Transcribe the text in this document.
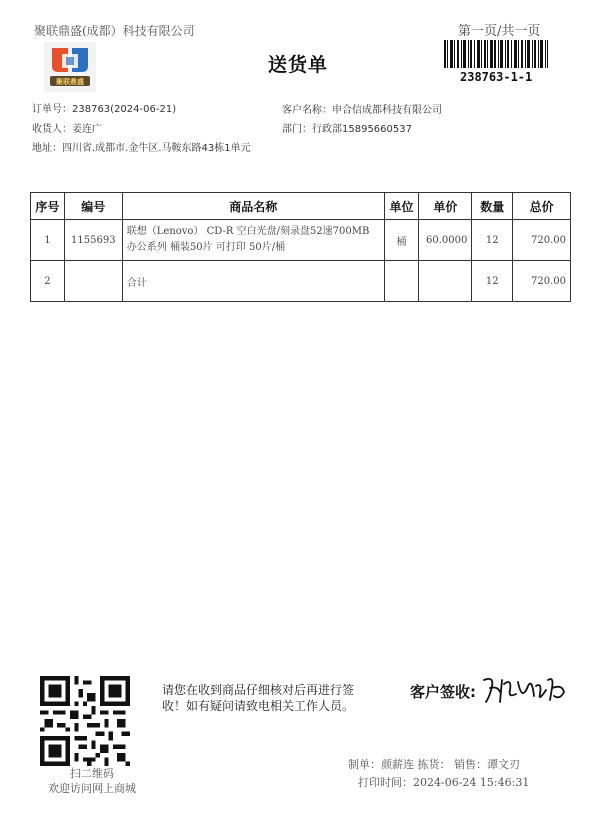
聚联鼎盛(成都）科技有限公司
聚联鼎盛
送货单
第一页/共一页
238763-1-1
订单号：238763(2024-06-21)
收货人：姜连广
地址：四川省.成都市.金牛区.马鞍东路43栋1单元
客户名称：申合信成都科技有限公司
部门：行政部15895660537
序号	编号	商品名称	单位	单价	数量	总价
1	1155693	联想（Lenovo） CD-R 空白光盘/刻录盘52速700MB
办公系列 桶装50片 可打印 50片/桶	桶	60.0000	12	720.00
2		合计			12	720.00
扫二维码
欢迎访问网上商城
请您在收到商品仔细核对后再进行签收！如有疑问请致电相关工作人员。
客户签收:
制单：颜薪连 拣货： 销售：谭文刃
打印时间：2024-06-24 15:46:31
